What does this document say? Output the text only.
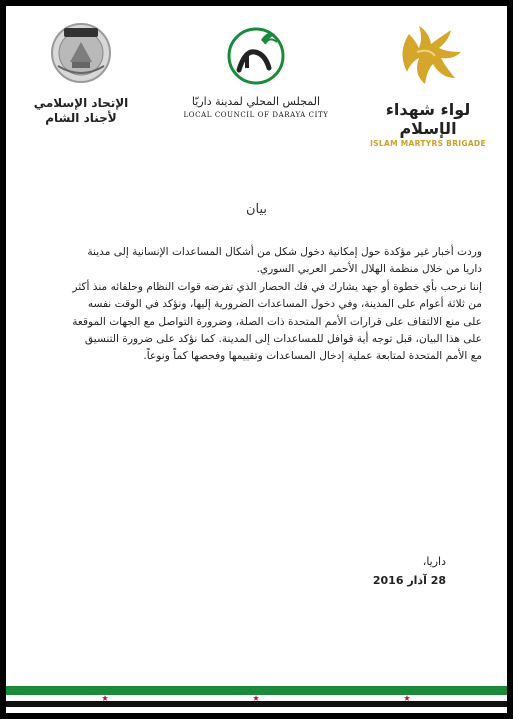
الإتحاد الإسلامي
لأجناد الشام
المجلس المحلي لمدينة داريّا
LOCAL COUNCIL OF DARAYA CITY	لواء شهداء الإسلام
ISLAM MARTYRS BRIGADE
بيان

وردت أخبار غير مؤكدة حول إمكانية دخول شكل من أشكال المساعدات الإنسانية إلى مدينة داريا من خلال منظمة الهلال الأحمر العربي السوري.

إننا نرحب بأي خطوة أو جهد يشارك في فك الحصار الذي تفرضه قوات النظام وحلفائه منذ أكثر من ثلاثة أعوام على المدينة، وفي دخول المساعدات الضرورية إليها، ونؤكد في الوقت نفسه على منع الالتفاف على قرارات الأمم المتحدة ذات الصلة، وضرورة التواصل مع الجهات الموقعة على هذا البيان، قبل توجه أية قوافل للمساعدات إلى المدينة. كما نؤكد على ضرورة التنسيق مع الأمم المتحدة لمتابعة عملية إدخال المساعدات وتقييمها وفحصها كماً ونوعاً.

داريا،
28 آذار 2016
